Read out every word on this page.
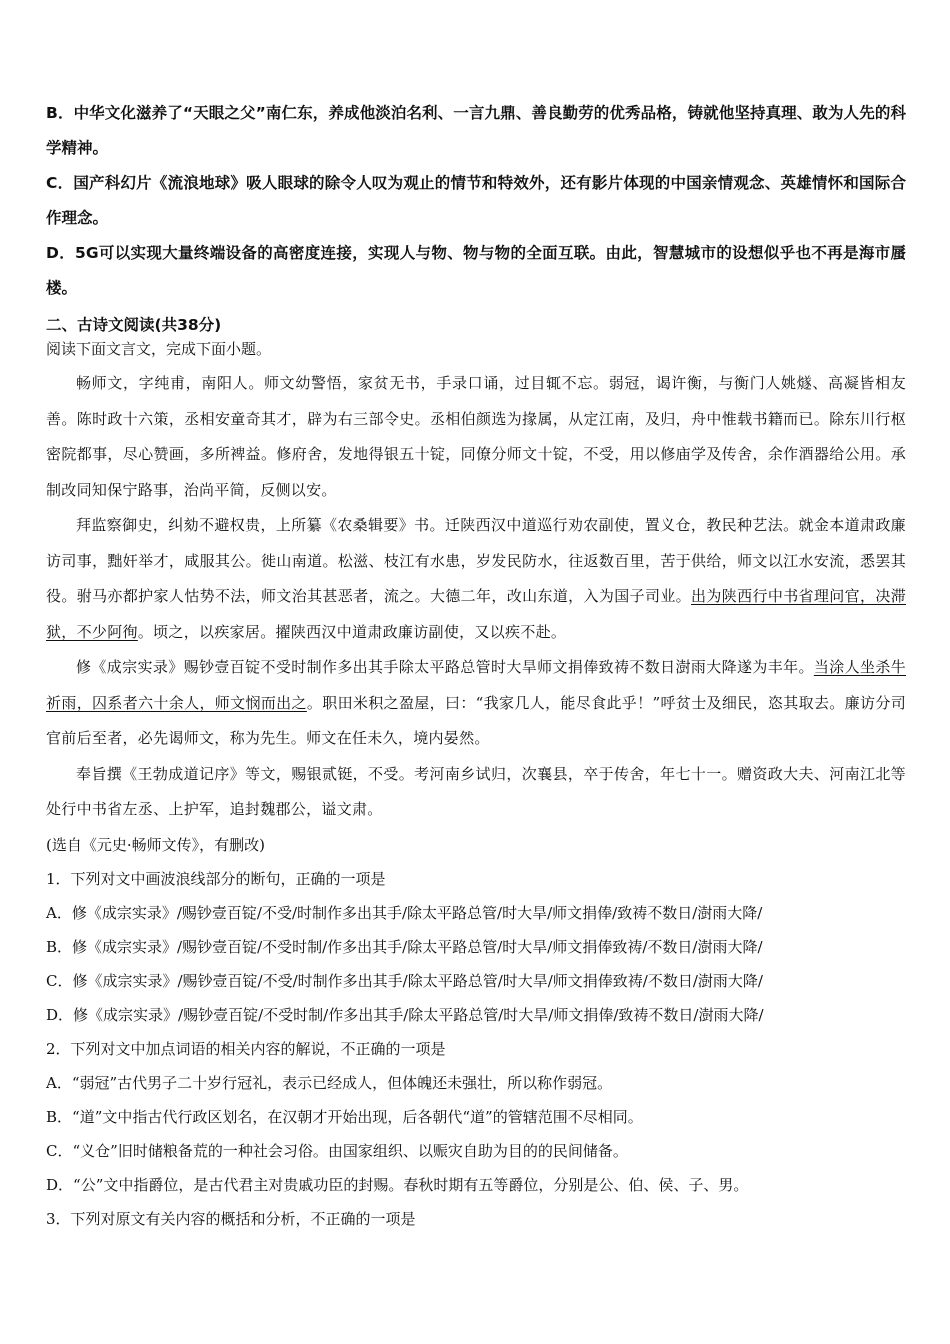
B．中华文化滋养了“天眼之父”南仁东，养成他淡泊名利、一言九鼎、善良勤劳的优秀品格，铸就他坚持真理、敢为人先的科学精神。

C．国产科幻片《流浪地球》吸人眼球的除令人叹为观止的情节和特效外，还有影片体现的中国亲情观念、英雄情怀和国际合作理念。

D．5G可以实现大量终端设备的高密度连接，实现人与物、物与物的全面互联。由此，智慧城市的设想似乎也不再是海市蜃楼。

二、古诗文阅读(共38分)

阅读下面文言文，完成下面小题。

畅师文，字纯甫，南阳人。师文幼警悟，家贫无书，手录口诵，过目辄不忘。弱冠，谒许衡，与衡门人姚燧、高凝皆相友善。陈时政十六策，丞相安童奇其才，辟为右三部令史。丞相伯颜选为掾属，从定江南，及归，舟中惟载书籍而已。除东川行枢密院都事，尽心赞画，多所裨益。修府舍，发地得银五十锭，同僚分师文十锭，不受，用以修庙学及传舍，余作酒器给公用。承制改同知保宁路事，治尚平简，反侧以安。

拜监察御史，纠劾不避权贵，上所纂《农桑辑要》书。迁陕西汉中道巡行劝农副使，置义仓，教民种艺法。就金本道肃政廉访司事，黜奸举才，咸服其公。徙山南道。松滋、枝江有水患，岁发民防水，往返数百里，苦于供给，师文以江水安流，悉罢其役。驸马亦都护家人怙势不法，师文治其甚恶者，流之。大德二年，改山东道，入为国子司业。出为陕西行中书省理问官，决滞狱，不少阿徇。顷之，以疾家居。擢陕西汉中道肃政廉访副使，又以疾不赴。

修《成宗实录》赐钞壹百锭不受时制作多出其手除太平路总管时大旱师文捐俸致祷不数日澍雨大降遂为丰年。当涂人坐杀牛祈雨，囚系者六十余人，师文悯而出之。职田米积之盈屋，曰：“我家几人，能尽食此乎！”呼贫士及细民，恣其取去。廉访分司官前后至者，必先谒师文，称为先生。师文在任未久，境内晏然。

奉旨撰《王勃成道记序》等文，赐银贰铤，不受。考河南乡试归，次襄县，卒于传舍，年七十一。赠资政大夫、河南江北等处行中书省左丞、上护军，追封魏郡公，谥文肃。

(选自《元史·畅师文传》，有删改)

1．下列对文中画波浪线部分的断句，正确的一项是

A．修《成宗实录》/赐钞壹百锭/不受/时制作多出其手/除太平路总管/时大旱/师文捐俸/致祷不数日/澍雨大降/

B．修《成宗实录》/赐钞壹百锭/不受时制/作多出其手/除太平路总管/时大旱/师文捐俸致祷/不数日/澍雨大降/

C．修《成宗实录》/赐钞壹百锭/不受/时制作多出其手/除太平路总管/时大旱/师文捐俸致祷/不数日/澍雨大降/

D．修《成宗实录》/赐钞壹百锭/不受时制/作多出其手/除太平路总管/时大旱/师文捐俸/致祷不数日/澍雨大降/

2．下列对文中加点词语的相关内容的解说，不正确的一项是

A．“弱冠”古代男子二十岁行冠礼，表示已经成人，但体魄还未强壮，所以称作弱冠。

B．“道”文中指古代行政区划名，在汉朝才开始出现，后各朝代“道”的管辖范围不尽相同。

C．“义仓”旧时储粮备荒的一种社会习俗。由国家组织、以赈灾自助为目的的民间储备。

D．“公”文中指爵位，是古代君主对贵戚功臣的封赐。春秋时期有五等爵位，分别是公、伯、侯、子、男。

3．下列对原文有关内容的概括和分析，不正确的一项是
